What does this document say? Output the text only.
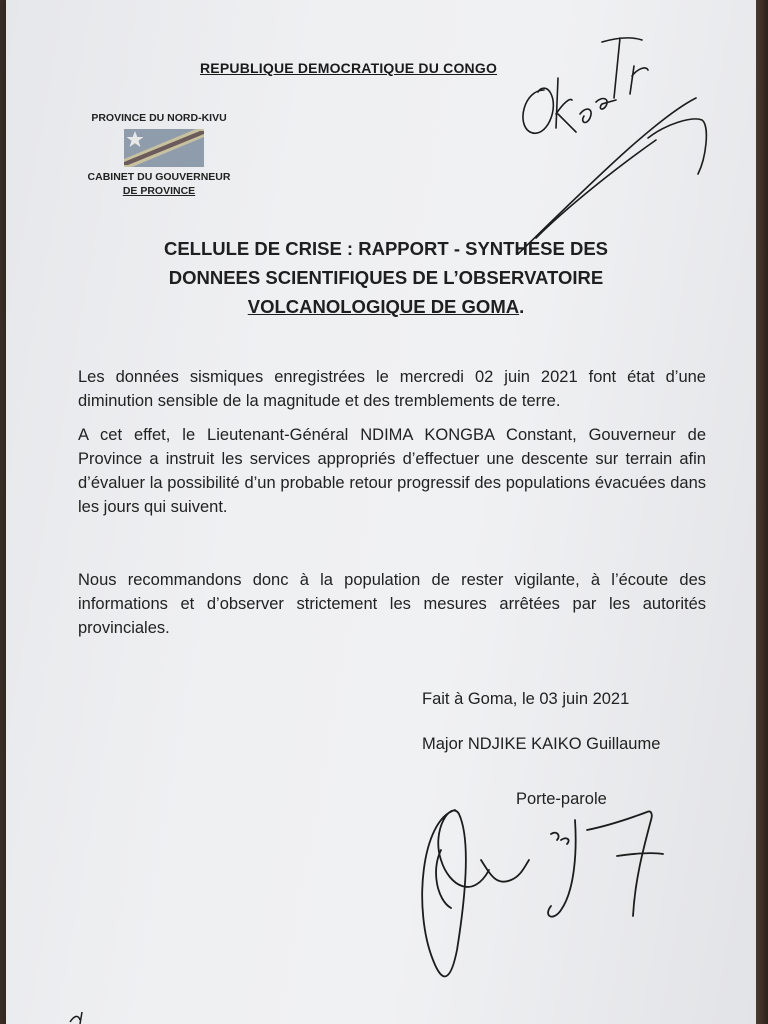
REPUBLIQUE DEMOCRATIQUE DU CONGO
PROVINCE DU NORD-KIVU
CABINET DU GOUVERNEUR
DE PROVINCE
CELLULE DE CRISE : RAPPORT - SYNTHESE DES
DONNEES SCIENTIFIQUES DE L’OBSERVATOIRE
VOLCANOLOGIQUE DE GOMA.
Les données sismiques enregistrées le mercredi 02 juin 2021 font état d’une diminution sensible de la magnitude et des tremblements de terre.
A cet effet, le Lieutenant-Général NDIMA KONGBA Constant, Gouverneur de Province a instruit les services appropriés d’effectuer une descente sur terrain afin d’évaluer la possibilité d’un probable retour progressif des populations évacuées dans les jours qui suivent.
Nous recommandons donc à la population de rester vigilante, à l’écoute des informations et d’observer strictement les mesures arrêtées par les autorités provinciales.
Fait à Goma, le 03 juin 2021
Major NDJIKE KAIKO Guillaume
Porte-parole
